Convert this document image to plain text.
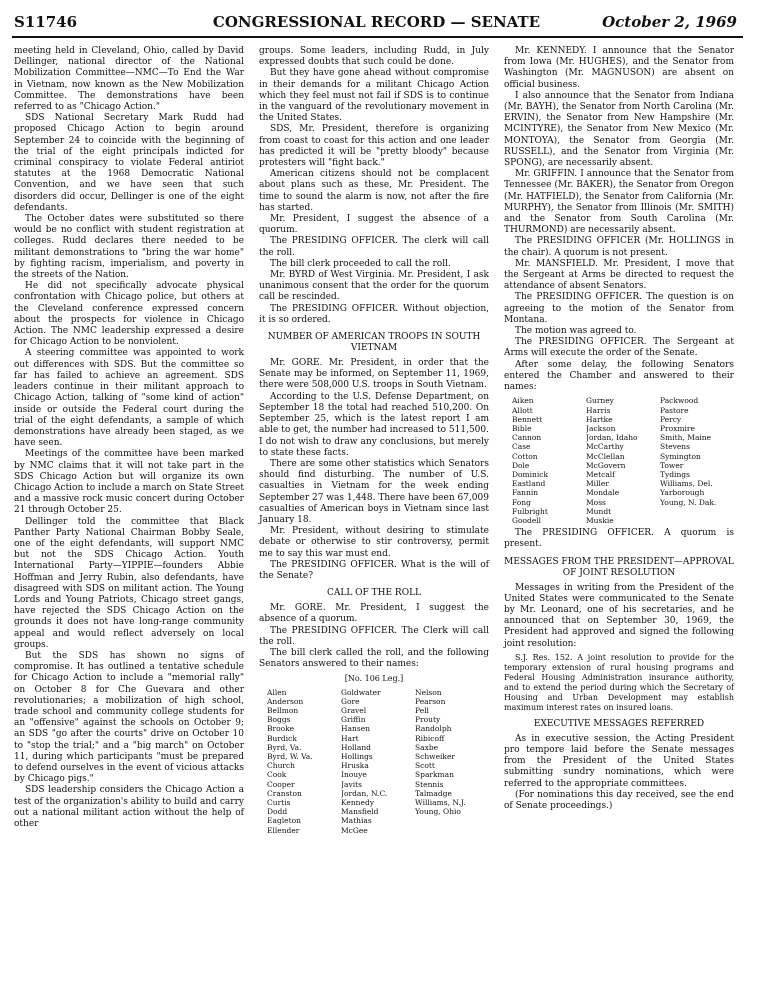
S11746	CONGRESSIONAL RECORD — SENATE	October 2, 1969

meeting held in Cleveland, Ohio, called by David Dellinger, national director of the National Mobilization Committee—NMC—To End the War in Vietnam, now known as the New Mobilization Committee. The demonstrations have been referred to as "Chicago Action."

SDS National Secretary Mark Rudd had proposed Chicago Action to begin around September 24 to coincide with the beginning of the trial of the eight principals indicted for criminal conspiracy to violate Federal antiriot statutes at the 1968 Democratic National Convention, and we have seen that such disorders did occur, Dellinger is one of the eight defendants.

The October dates were substituted so there would be no conflict with student registration at colleges. Rudd declares there needed to be militant demonstrations to "bring the war home" by fighting racism, imperialism, and poverty in the streets of the Nation.

He did not specifically advocate physical confrontation with Chicago police, but others at the Cleveland conference expressed concern about the prospects for violence in Chicago Action. The NMC leadership expressed a desire for Chicago Action to be nonviolent.

A steering committee was appointed to work out differences with SDS. But the committee so far has failed to achieve an agreement. SDS leaders continue in their militant approach to Chicago Action, talking of "some kind of action" inside or outside the Federal court during the trial of the eight defendants, a sample of which demonstrations have already been staged, as we have seen.

Meetings of the committee have been marked by NMC claims that it will not take part in the SDS Chicago Action but will organize its own Chicago Action to include a march on State Street and a massive rock music concert during October 21 through October 25.

Dellinger told the committee that Black Panther Party National Chairman Bobby Seale, one of the eight defendants, will support NMC but not the SDS Chicago Action. Youth International Party—YIPPIE—founders Abbie Hoffman and Jerry Rubin, also defendants, have disagreed with SDS on militant action. The Young Lords and Young Patriots, Chicago street gangs, have rejected the SDS Chicago Action on the grounds it does not have long-range community appeal and would reflect adversely on local groups.

But the SDS has shown no signs of compromise. It has outlined a tentative schedule for Chicago Action to include a "memorial rally" on October 8 for Che Guevara and other revolutionaries; a mobilization of high school, trade school and community college students for an "offensive" against the schools on October 9; an SDS "go after the courts" drive on October 10 to "stop the trial;" and a "big march" on October 11, during which participants "must be prepared to defend ourselves in the event of vicious attacks by Chicago pigs."

SDS leadership considers the Chicago Action a test of the organization's ability to build and carry out a national militant action without the help of other

groups. Some leaders, including Rudd, in July expressed doubts that such could be done.

But they have gone ahead without compromise in their demands for a militant Chicago Action which they feel must not fail if SDS is to continue in the vanguard of the revolutionary movement in the United States.

SDS, Mr. President, therefore is organizing from coast to coast for this action and one leader has predicted it will be "pretty bloody" because protesters will "fight back."

American citizens should not be complacent about plans such as these, Mr. President. The time to sound the alarm is now, not after the fire has started.

Mr. President, I suggest the absence of a quorum.

The PRESIDING OFFICER. The clerk will call the roll.

The bill clerk proceeded to call the roll.

Mr. BYRD of West Virginia. Mr. President, I ask unanimous consent that the order for the quorum call be rescinded.

The PRESIDING OFFICER. Without objection, it is so ordered.

NUMBER OF AMERICAN TROOPS IN SOUTH VIETNAM

Mr. GORE. Mr. President, in order that the Senate may be informed, on September 11, 1969, there were 508,000 U.S. troops in South Vietnam.

According to the U.S. Defense Department, on September 18 the total had reached 510,200. On September 25, which is the latest report I am able to get, the number had increased to 511,500. I do not wish to draw any conclusions, but merely to state these facts.

There are some other statistics which Senators should find disturbing. The number of U.S. casualties in Vietnam for the week ending September 27 was 1,448. There have been 67,009 casualties of American boys in Vietnam since last January 18.

Mr. President, without desiring to stimulate debate or otherwise to stir controversy, permit me to say this war must end.

The PRESIDING OFFICER. What is the will of the Senate?

CALL OF THE ROLL

Mr. GORE. Mr. President, I suggest the absence of a quorum.

The PRESIDING OFFICER. The Clerk will call the roll.

The bill clerk called the roll, and the following Senators answered to their names:

[No. 106 Leg.]
Allen	Goldwater	Nelson
Anderson	Gore	Pearson
Bellmon	Gravel	Pell
Boggs	Griffin	Prouty
Brooke	Hansen	Randolph
Burdick	Hart	Ribicoff
Byrd, Va.	Holland	Saxbe
Byrd, W. Va.	Hollings	Schweiker
Church	Hruska	Scott
Cook	Inouye	Sparkman
Cooper	Javits	Stennis
Cranston	Jordan, N.C.	Talmadge
Curtis	Kennedy	Williams, N.J.
Dodd	Mansfield	Young, Ohio
Eagleton	Mathias
Ellender	McGee

Mr. KENNEDY. I announce that the Senator from Iowa (Mr. HUGHES), and the Senator from Washington (Mr. MAGNUSON) are absent on official business.

I also announce that the Senator from Indiana (Mr. BAYH), the Senator from North Carolina (Mr. ERVIN), the Senator from New Hampshire (Mr. MCINTYRE), the Senator from New Mexico (Mr. MONTOYA), the Senator from Georgia (Mr. RUSSELL), and the Senator from Virginia (Mr. SPONG), are necessarily absent.

Mr. GRIFFIN. I announce that the Senator from Tennessee (Mr. BAKER), the Senator from Oregon (Mr. HATFIELD), the Senator from California (Mr. MURPHY), the Senator from Illinois (Mr. SMITH) and the Senator from South Carolina (Mr. THURMOND) are necessarily absent.

The PRESIDING OFFICER (Mr. HOLLINGS in the chair). A quorum is not present.

Mr. MANSFIELD. Mr. President, I move that the Sergeant at Arms be directed to request the attendance of absent Senators.

The PRESIDING OFFICER. The question is on agreeing to the motion of the Senator from Montana.

The motion was agreed to.

The PRESIDING OFFICER. The Sergeant at Arms will execute the order of the Senate.

After some delay, the following Senators entered the Chamber and answered to their names:

Aiken	Gurney	Packwood
Allott	Harris	Pastore
Bennett	Hartke	Percy
Bible	Jackson	Proxmire
Cannon	Jordan, Idaho	Smith, Maine
Case	McCarthy	Stevens
Cotton	McClellan	Symington
Dole	McGovern	Tower
Dominick	Metcalf	Tydings
Eastland	Miller	Williams, Del.
Fannin	Mondale	Yarborough
Fong	Moss	Young, N. Dak.
Fulbright	Mundt
Goodell	Muskie

The PRESIDING OFFICER. A quorum is present.

MESSAGES FROM THE PRESIDENT—APPROVAL OF JOINT RESOLUTION

Messages in writing from the President of the United States were communicated to the Senate by Mr. Leonard, one of his secretaries, and he announced that on September 30, 1969, the President had approved and signed the following joint resolution:

S.J. Res. 152. A joint resolution to provide for the temporary extension of rural housing programs and Federal Housing Administration insurance authority, and to extend the period during which the Secretary of Housing and Urban Development may establish maximum interest rates on insured loans.

EXECUTIVE MESSAGES REFERRED

As in executive session, the Acting President pro tempore laid before the Senate messages from the President of the United States submitting sundry nominations, which were referred to the appropriate committees.

(For nominations this day received, see the end of Senate proceedings.)
